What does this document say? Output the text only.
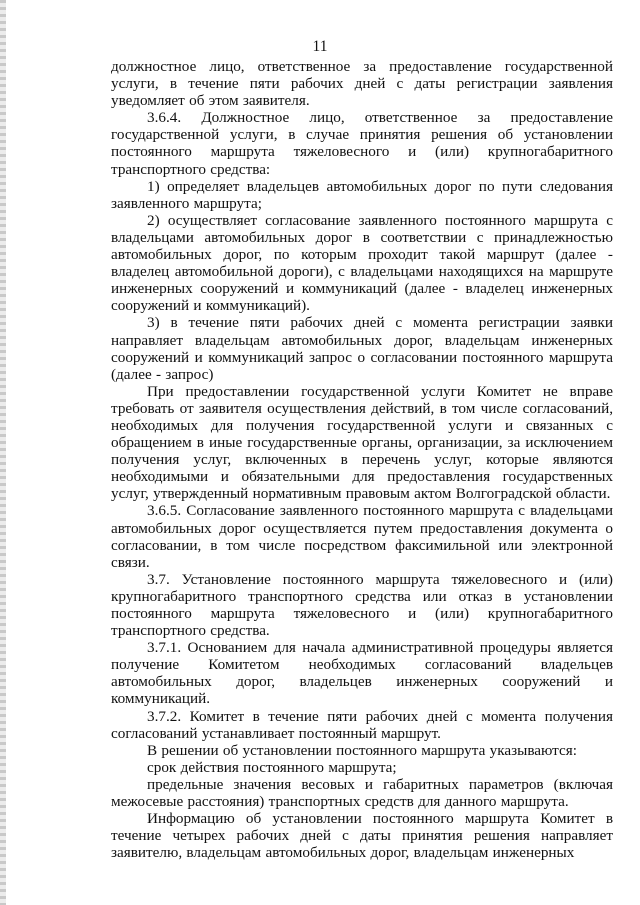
11

должностное лицо, ответственное за предоставление государственной услуги, в течение пяти рабочих дней с даты регистрации заявления уведомляет об этом заявителя.

3.6.4. Должностное лицо, ответственное за предоставление государственной услуги, в случае принятия решения об установлении постоянного маршрута тяжеловесного и (или) крупногабаритного транспортного средства:

1) определяет владельцев автомобильных дорог по пути следования заявленного маршрута;

2) осуществляет согласование заявленного постоянного маршрута с владельцами автомобильных дорог в соответствии с принадлежностью автомобильных дорог, по которым проходит такой маршрут (далее - владелец автомобильной дороги), с владельцами находящихся на маршруте инженерных сооружений и коммуникаций (далее - владелец инженерных сооружений и коммуникаций).

3) в течение пяти рабочих дней с момента регистрации заявки направляет владельцам автомобильных дорог, владельцам инженерных сооружений и коммуникаций запрос о согласовании постоянного маршрута (далее - запрос)

При предоставлении государственной услуги Комитет не вправе требовать от заявителя осуществления действий, в том числе согласований, необходимых для получения государственной услуги и связанных с обращением в иные государственные органы, организации, за исключением получения услуг, включенных в перечень услуг, которые являются необходимыми и обязательными для предоставления государственных услуг, утвержденный нормативным правовым актом Волгоградской области.

3.6.5. Согласование заявленного постоянного маршрута с владельцами автомобильных дорог осуществляется путем предоставления документа о согласовании, в том числе посредством факсимильной или электронной связи.

3.7. Установление постоянного маршрута тяжеловесного и (или) крупногабаритного транспортного средства или отказ в установлении постоянного маршрута тяжеловесного и (или) крупногабаритного транспортного средства.

3.7.1. Основанием для начала административной процедуры является получение Комитетом необходимых согласований владельцев автомобильных дорог, владельцев инженерных сооружений и коммуникаций.

3.7.2. Комитет в течение пяти рабочих дней с момента получения согласований устанавливает постоянный маршрут.

В решении об установлении постоянного маршрута указываются:

срок действия постоянного маршрута;

предельные значения весовых и габаритных параметров (включая межосевые расстояния) транспортных средств для данного маршрута.

Информацию об установлении постоянного маршрута Комитет в течение четырех рабочих дней с даты принятия решения направляет заявителю, владельцам автомобильных дорог, владельцам инженерных
